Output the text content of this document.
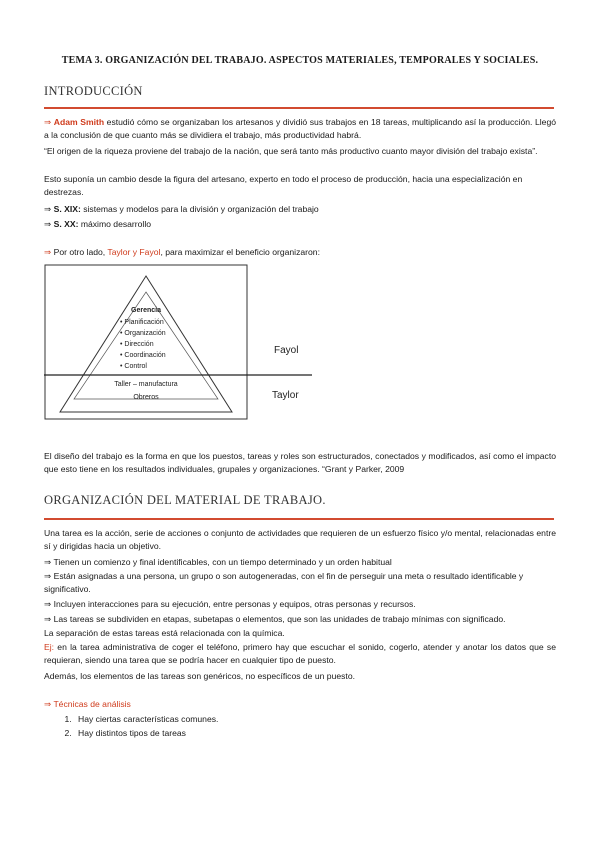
TEMA 3. ORGANIZACIÓN DEL TRABAJO. ASPECTOS MATERIALES, TEMPORALES Y SOCIALES.
INTRODUCCIÓN
⇒ Adam Smith estudió cómo se organizaban los artesanos y dividió sus trabajos en 18 tareas, multiplicando así la producción. Llegó a la conclusión de que cuanto más se dividiera el trabajo, más productividad habrá.
“El origen de la riqueza proviene del trabajo de la nación, que será tanto más productivo cuanto mayor división del trabajo exista”.
Esto suponía un cambio desde la figura del artesano, experto en todo el proceso de producción, hacia una especialización en destrezas.
⇒ S. XIX: sistemas y modelos para la división y organización del trabajo
⇒ S. XX: máximo desarrollo
⇒ Por otro lado, Taylor y Fayol, para maximizar el beneficio organizaron:
Gerencia
• Planificación
• Organización
• Dirección
• Coordinación
• Control
Taller – manufactura
Obreros
Fayol
Taylor
El diseño del trabajo es la forma en que los puestos, tareas y roles son estructurados, conectados y modificados, así como el impacto que esto tiene en los resultados individuales, grupales y organizaciones. “Grant y Parker, 2009
ORGANIZACIÓN DEL MATERIAL DE TRABAJO.
Una tarea es la acción, serie de acciones o conjunto de actividades que requieren de un esfuerzo físico y/o mental, relacionadas entre sí y dirigidas hacia un objetivo.
⇒ Tienen un comienzo y final identificables, con un tiempo determinado y un orden habitual
⇒ Están asignadas a una persona, un grupo o son autogeneradas, con el fin de perseguir una meta o resultado identificable y significativo.
⇒ Incluyen interacciones para su ejecución, entre personas y equipos, otras personas y recursos.
⇒ Las tareas se subdividen en etapas, subetapas o elementos, que son las unidades de trabajo mínimas con significado.
La separación de estas tareas está relacionada con la química.
Ej: en la tarea administrativa de coger el teléfono, primero hay que escuchar el sonido, cogerlo, atender y anotar los datos que se requieran, siendo una tarea que se podría hacer en cualquier tipo de puesto.
Además, los elementos de las tareas son genéricos, no específicos de un puesto.
⇒ Técnicas de análisis
1. Hay ciertas características comunes.
2. Hay distintos tipos de tareas
